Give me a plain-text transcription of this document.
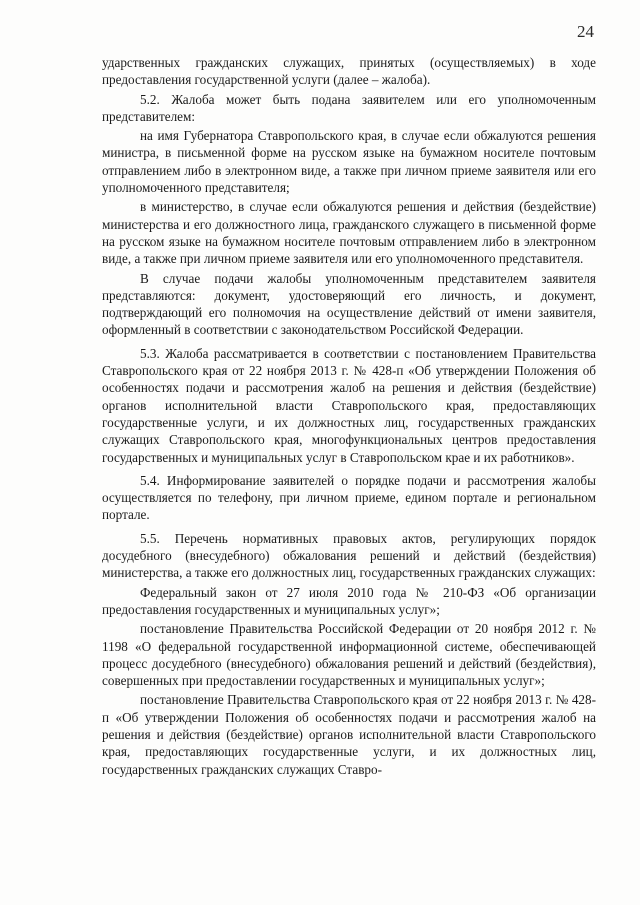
24

ударственных гражданских служащих, принятых (осуществляемых) в ходе предоставления государственной услуги (далее – жалоба).

5.2. Жалоба может быть подана заявителем или его уполномоченным представителем:

на имя Губернатора Ставропольского края, в случае если обжалуются решения министра, в письменной форме на русском языке на бумажном носителе почтовым отправлением либо в электронном виде, а также при личном приеме заявителя или его уполномоченного представителя;

в министерство, в случае если обжалуются решения и действия (бездействие) министерства и его должностного лица, гражданского служащего в письменной форме на русском языке на бумажном носителе почтовым отправлением либо в электронном виде, а также при личном приеме заявителя или его уполномоченного представителя.

В случае подачи жалобы уполномоченным представителем заявителя представляются: документ, удостоверяющий его личность, и документ, подтверждающий его полномочия на осуществление действий от имени заявителя, оформленный в соответствии с законодательством Российской Федерации.

5.3. Жалоба рассматривается в соответствии с постановлением Правительства Ставропольского края от 22 ноября 2013 г. № 428-п «Об утверждении Положения об особенностях подачи и рассмотрения жалоб на решения и действия (бездействие) органов исполнительной власти Ставропольского края, предоставляющих государственные услуги, и их должностных лиц, государственных гражданских служащих Ставропольского края, многофункциональных центров предоставления государственных и муниципальных услуг в Ставропольском крае и их работников».

5.4. Информирование заявителей о порядке подачи и рассмотрения жалобы осуществляется по телефону, при личном приеме, едином портале и региональном портале.

5.5. Перечень нормативных правовых актов, регулирующих порядок досудебного (внесудебного) обжалования решений и действий (бездействия) министерства, а также его должностных лиц, государственных гражданских служащих:

Федеральный закон от 27 июля 2010 года № 210-ФЗ «Об организации предоставления государственных и муниципальных услуг»;

постановление Правительства Российской Федерации от 20 ноября 2012 г. № 1198 «О федеральной государственной информационной системе, обеспечивающей процесс досудебного (внесудебного) обжалования решений и действий (бездействия), совершенных при предоставлении государственных и муниципальных услуг»;

постановление Правительства Ставропольского края от 22 ноября 2013 г. № 428-п «Об утверждении Положения об особенностях подачи и рассмотрения жалоб на решения и действия (бездействие) органов исполнительной власти Ставропольского края, предоставляющих государственные услуги, и их должностных лиц, государственных гражданских служащих Ставро-
